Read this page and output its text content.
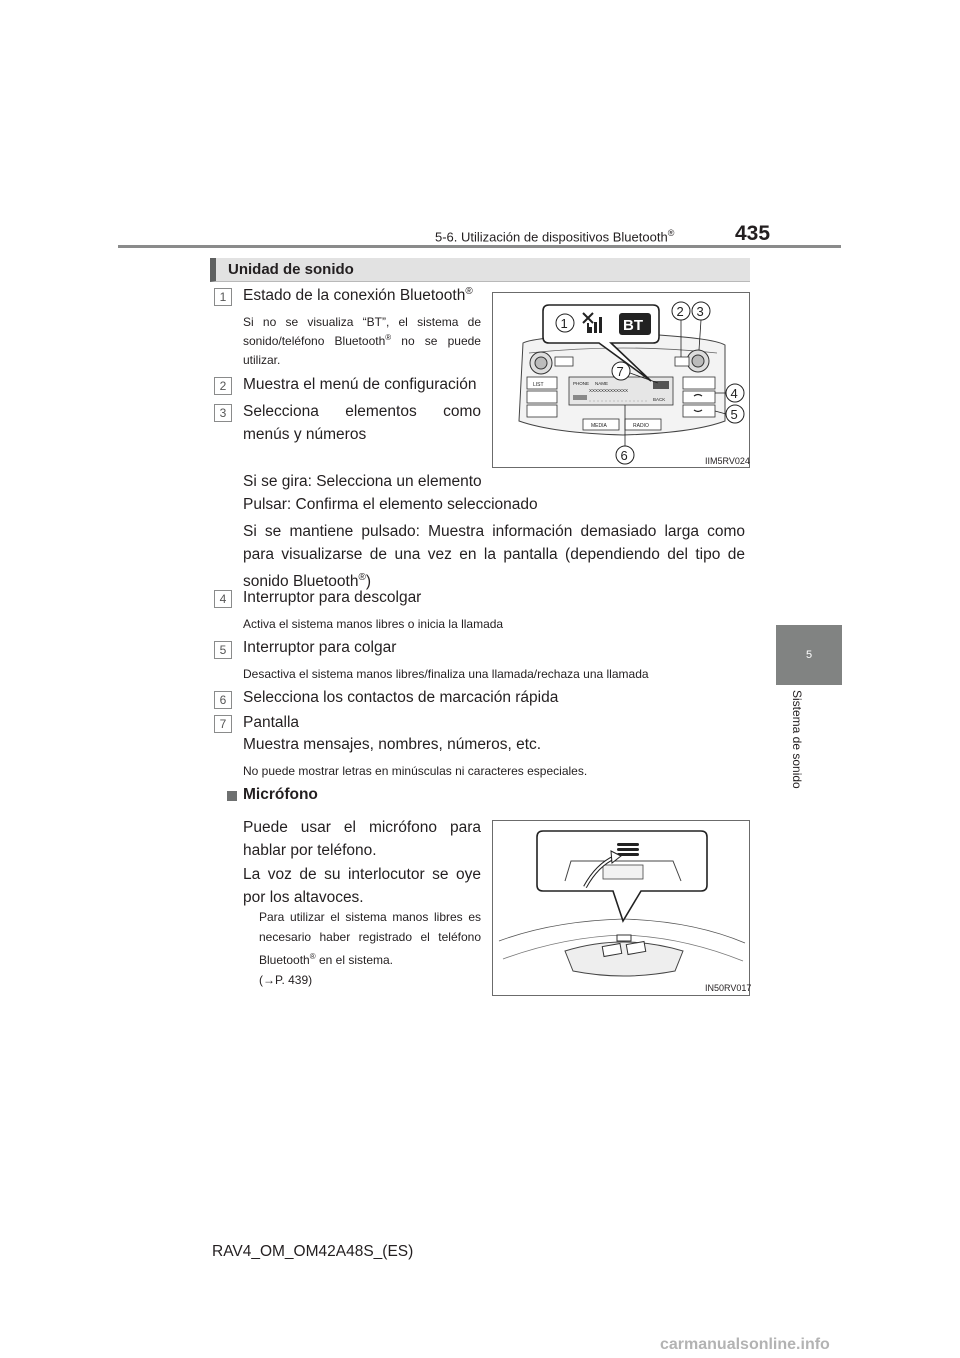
5-6. Utilización de dispositivos Bluetooth®	435
5
Sistema de sonido
Unidad de sonido
1	Estado de la conexión Bluetooth®
Si no se visualiza “BT”, el sistema de sonido/teléfono Bluetooth® no se puede utilizar.
2	Muestra el menú de configuración
3	Selecciona elementos como menús y números
Si se gira: Selecciona un elemento
Pulsar: Confirma el elemento seleccionado
Si se mantiene pulsado: Muestra información demasiado larga como para visualizarse de una vez en la pantalla (dependiendo del tipo de sonido Bluetooth®)
4	Interruptor para descolgar
Activa el sistema manos libres o inicia la llamada
5	Interruptor para colgar
Desactiva el sistema manos libres/finaliza una llamada/rechaza una llamada
6	Selecciona los contactos de marcación rápida
7	Pantalla
Muestra mensajes, nombres, números, etc.
No puede mostrar letras en minúsculas ni caracteres especiales.
LIST	PHONE NAME
XXXXXXXXXXXXX
BACK
MEDIA	RADIO
BT
1
2 3
4
5
6
7
IIM5RV024
Micrófono
Puede usar el micrófono para hablar por teléfono.
La voz de su interlocutor se oye por los altavoces.
Para utilizar el sistema manos libres es necesario haber registrado el teléfono Bluetooth® en el sistema.
(→P. 439)
IN50RV017
RAV4_OM_OM42A48S_(ES)
carmanualsonline.info
